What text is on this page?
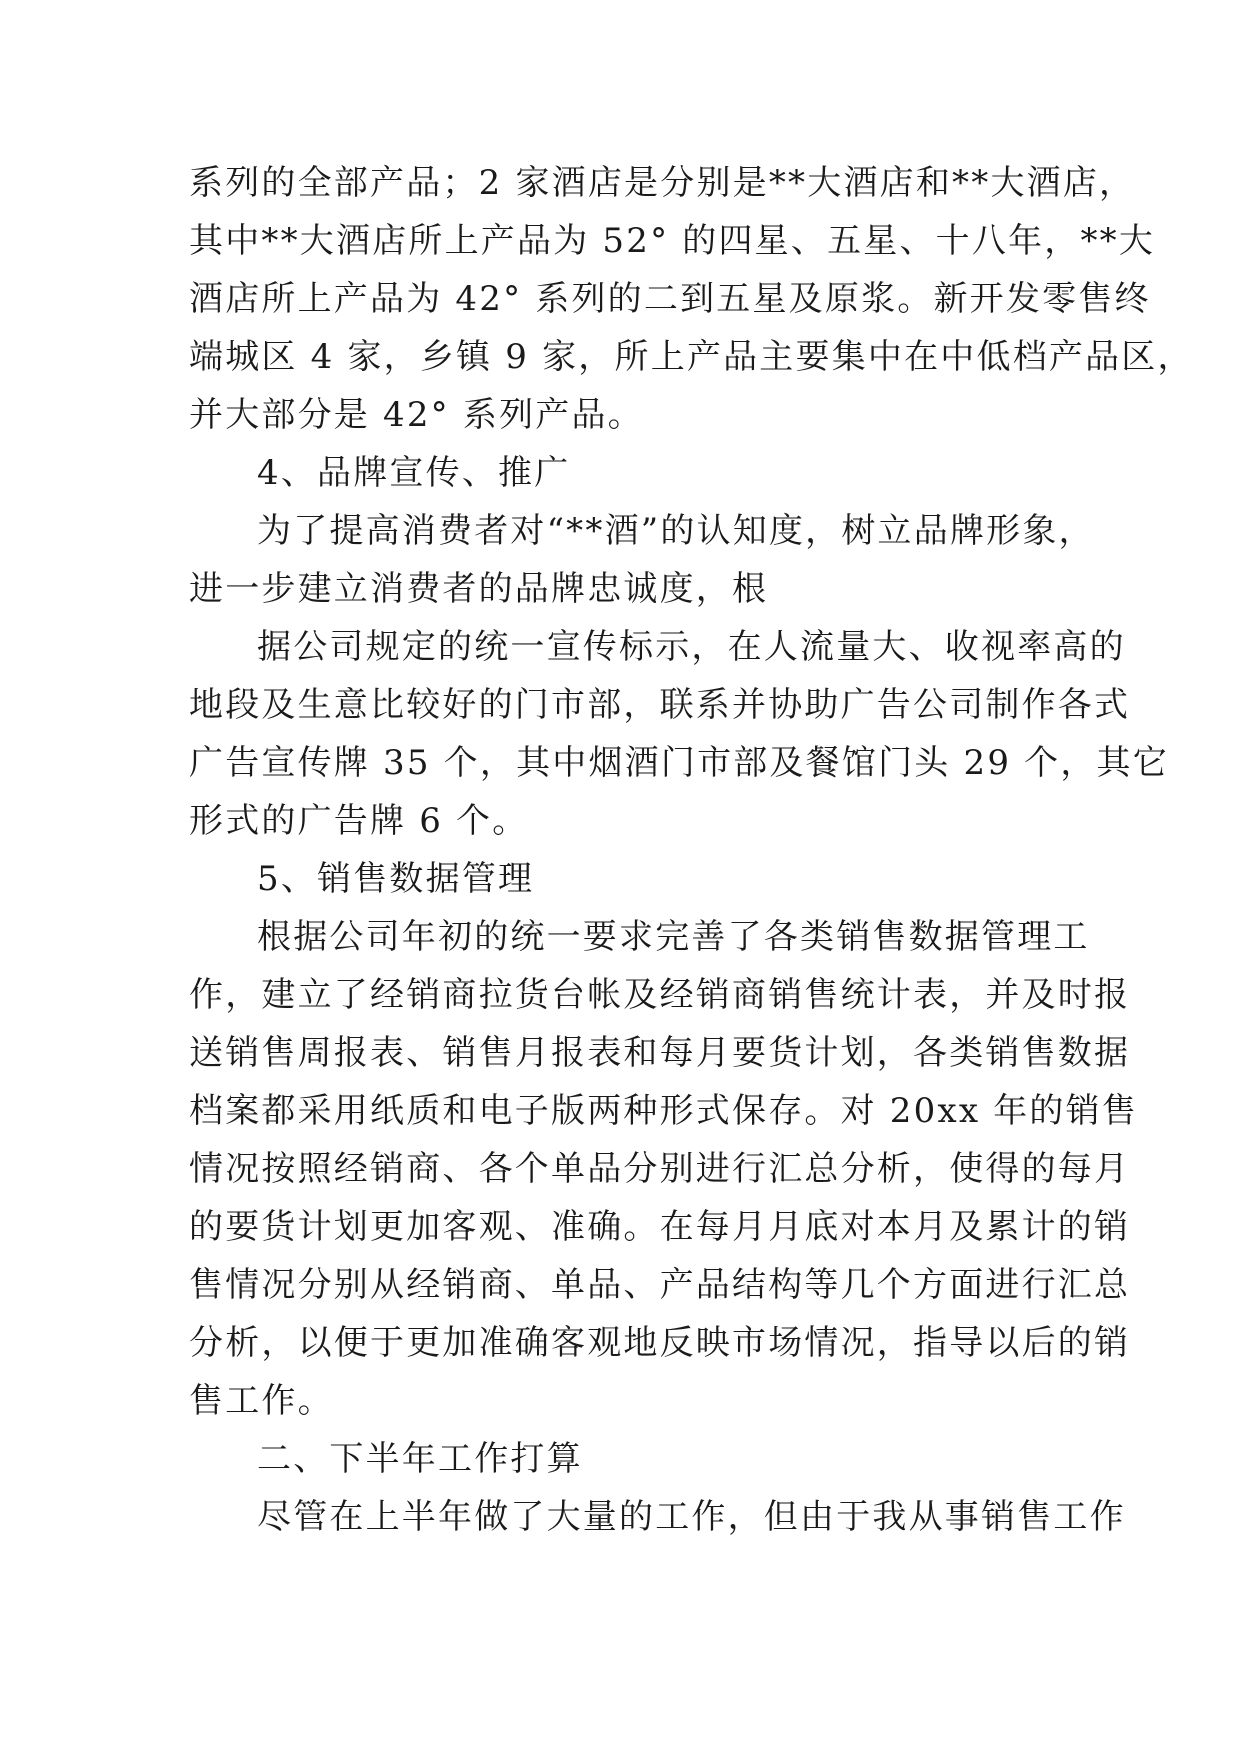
系列的全部产品；2 家酒店是分别是**大酒店和**大酒店，
其中**大酒店所上产品为 52° 的四星、五星、十八年，**大
酒店所上产品为 42° 系列的二到五星及原浆。新开发零售终
端城区 4 家，乡镇 9 家，所上产品主要集中在中低档产品区，
并大部分是 42° 系列产品。
4、品牌宣传、推广
为了提高消费者对“**酒”的认知度，树立品牌形象，
进一步建立消费者的品牌忠诚度，根
据公司规定的统一宣传标示，在人流量大、收视率高的
地段及生意比较好的门市部，联系并协助广告公司制作各式
广告宣传牌 35 个，其中烟酒门市部及餐馆门头 29 个，其它
形式的广告牌 6 个。
5、销售数据管理
根据公司年初的统一要求完善了各类销售数据管理工
作，建立了经销商拉货台帐及经销商销售统计表，并及时报
送销售周报表、销售月报表和每月要货计划，各类销售数据
档案都采用纸质和电子版两种形式保存。对 20xx 年的销售
情况按照经销商、各个单品分别进行汇总分析，使得的每月
的要货计划更加客观、准确。在每月月底对本月及累计的销
售情况分别从经销商、单品、产品结构等几个方面进行汇总
分析，以便于更加准确客观地反映市场情况，指导以后的销
售工作。
二、下半年工作打算
尽管在上半年做了大量的工作，但由于我从事销售工作
